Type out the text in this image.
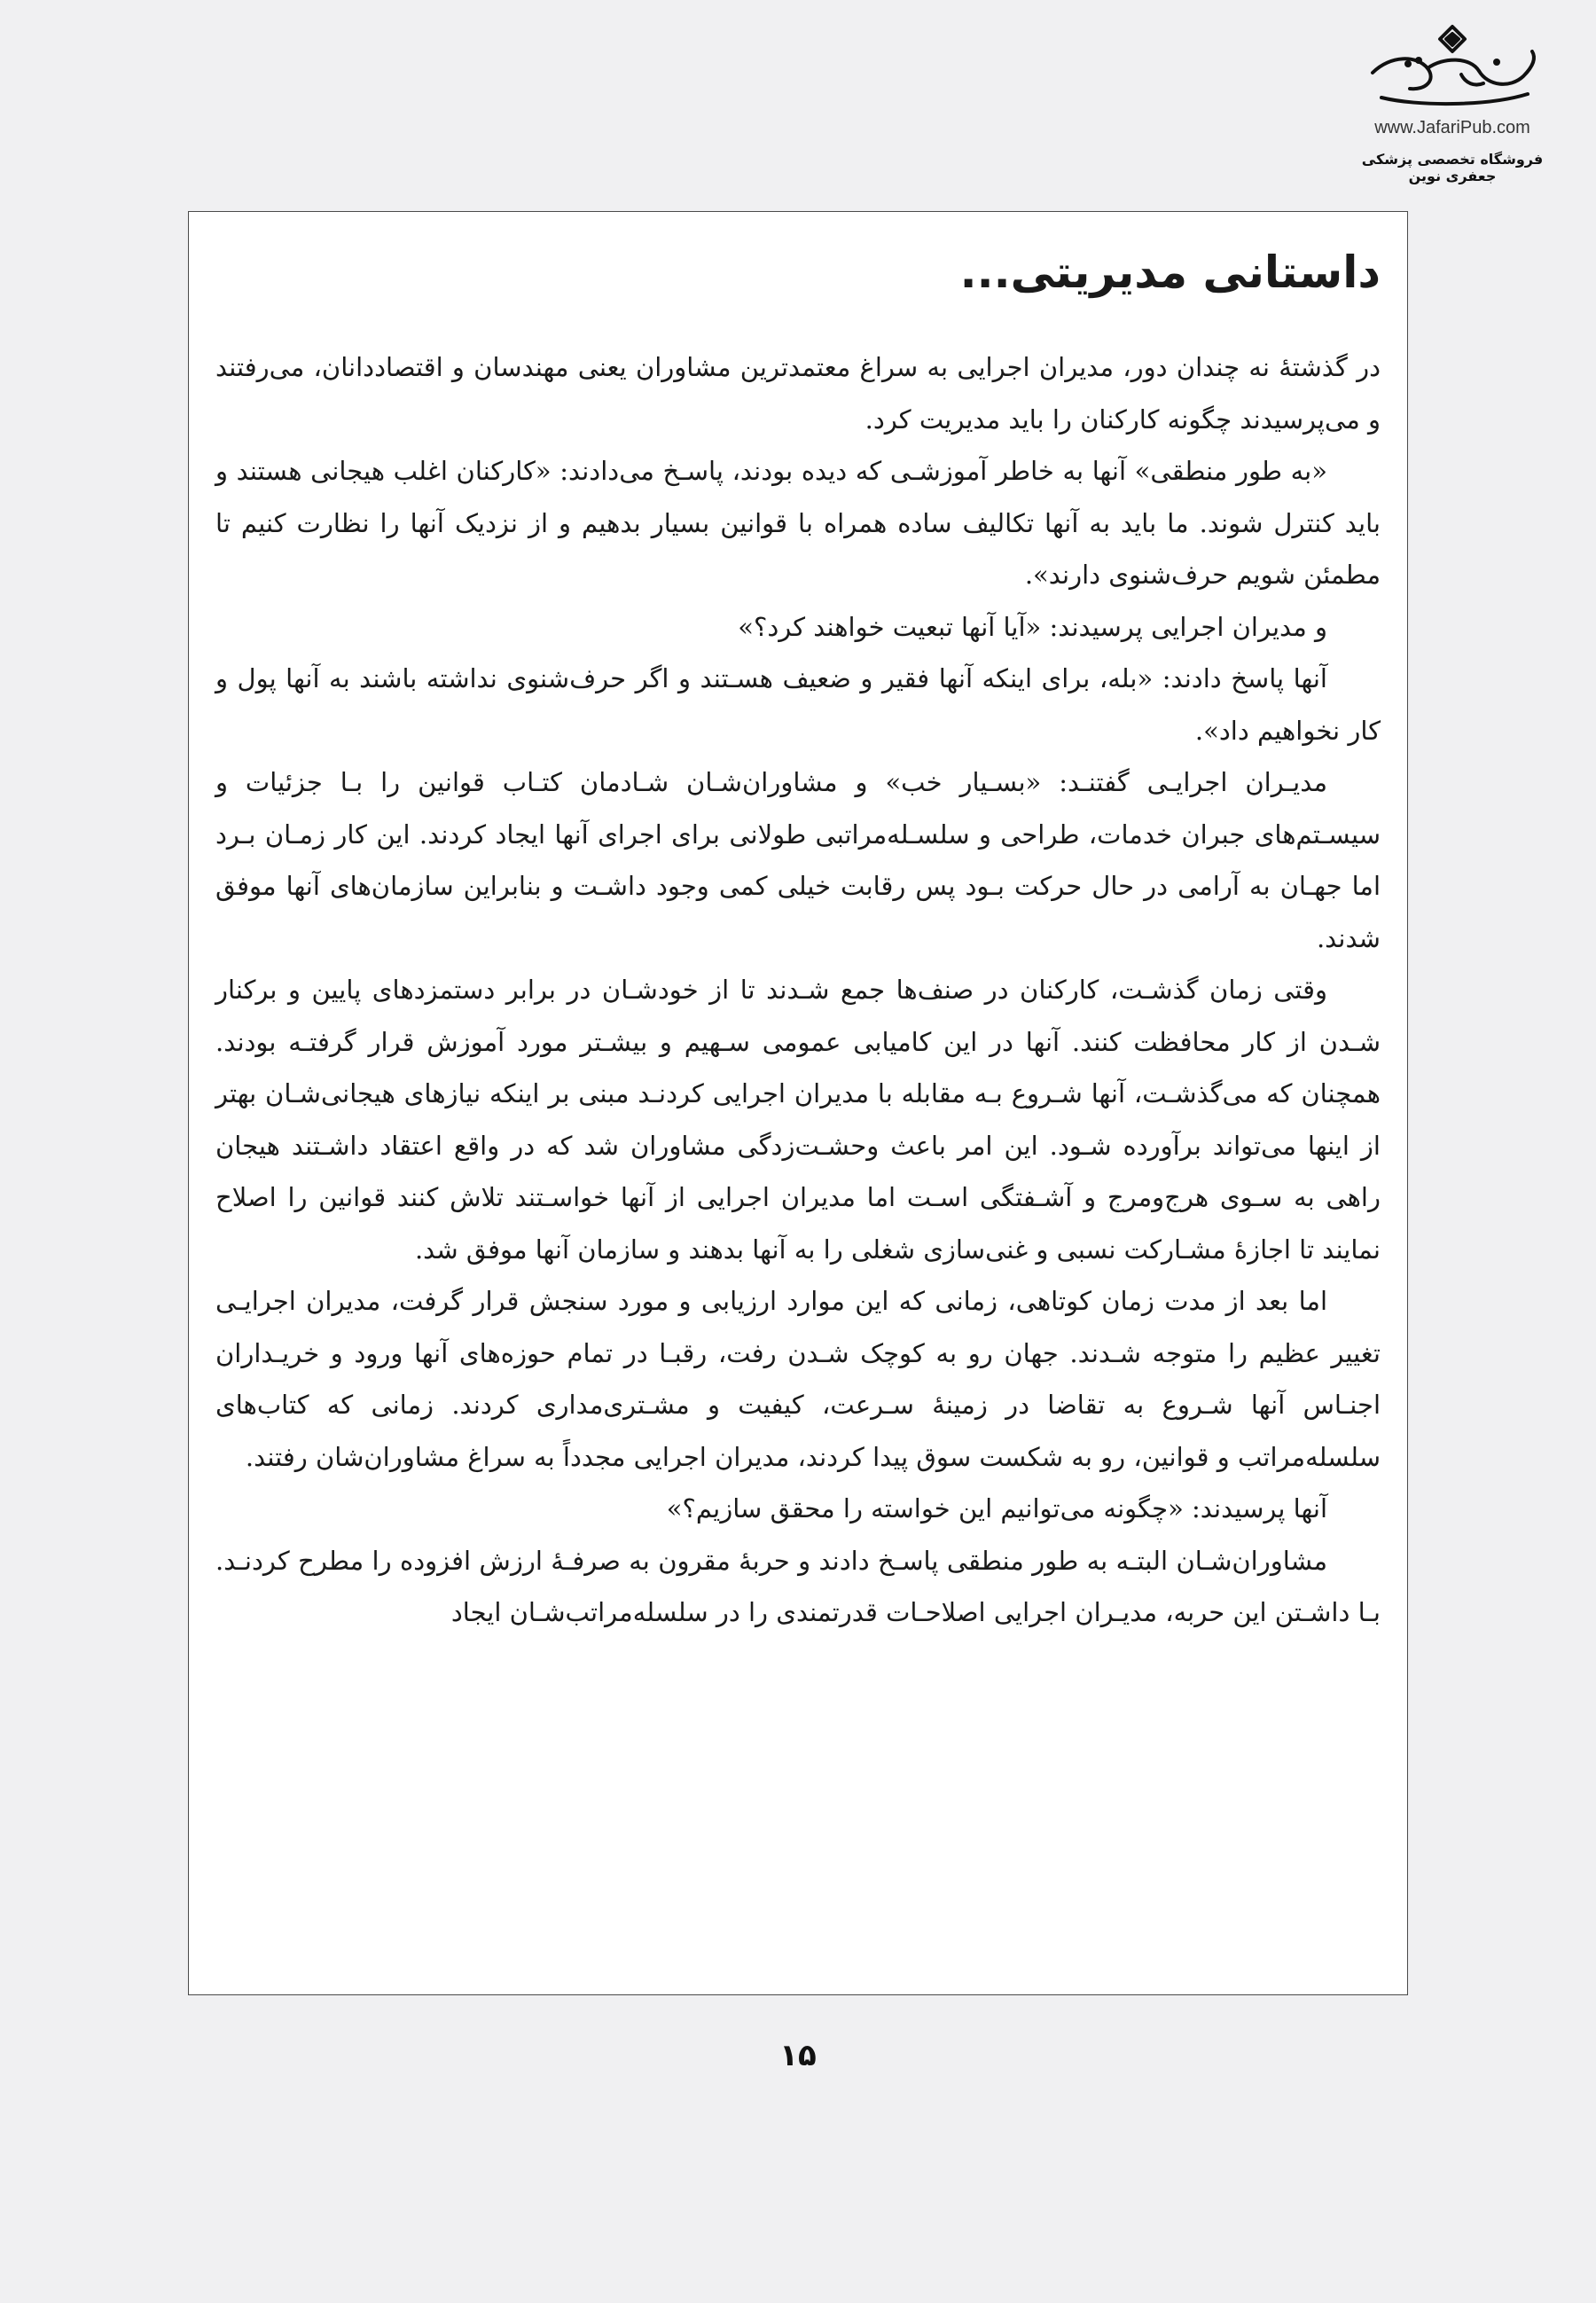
www.JafariPub.com
فروشگاه تخصصی پزشکی جعفری نوین
داستانی مدیریتی...

در گذشتۀ نه چندان دور، مدیران اجرایی به سراغ معتمدترین مشاوران یعنی مهندسان و اقتصاددانان، می‌رفتند و می‌پرسیدند چگونه کارکنان را باید مدیریت کرد.

«به طور منطقی» آنها به خاطر آموزشـی که دیده بودند، پاسـخ می‌دادند: «کارکنان اغلب هیجانی هستند و باید کنترل شوند. ما باید به آنها تکالیف ساده همراه با قوانین بسیار بدهیم و از نزدیک آنها را نظارت کنیم تا مطمئن شویم حرف‌شنوی دارند».

و مدیران اجرایی پرسیدند: «آیا آنها تبعیت خواهند کرد؟»

آنها پاسخ دادند: «بله، برای اینکه آنها فقیر و ضعیف هسـتند و اگر حرف‌شنوی نداشته باشند به آنها پول و کار نخواهیم داد».

مدیـران اجرایـی گفتنـد: «بسـیار خب» و مشاوران‌شـان شـادمان کتـاب قوانین را بـا جزئیات و سیسـتم‌های جبران خدمات، طراحی و سلسـله‌مراتبی طولانی برای اجرای آنها ایجاد کردند. این کار زمـان بـرد اما جهـان به آرامی در حال حرکت بـود پس رقابت خیلی کمی وجود داشـت و بنابراین سازمان‌های آنها موفق شدند.

وقتی زمان گذشـت، کارکنان در صنف‌ها جمع شـدند تا از خودشـان در برابر دستمزدهای پایین و برکنار شـدن از کار محافظت کنند. آنها در این کامیابی عمومی سـهیم و بیشـتر مورد آموزش قرار گرفتـه بودند. همچنان که می‌گذشـت، آنها شـروع بـه مقابله با مدیران اجرایی کردنـد مبنی بر اینکه نیازهای هیجانی‌شـان بهتر از اینها می‌تواند برآورده شـود. این امر باعث وحشـت‌زدگی مشاوران شد که در واقع اعتقاد داشـتند هیجان راهی به سـوی هرج‌ومرج و آشـفتگی اسـت اما مدیران اجرایی از آنها خواسـتند تلاش کنند قوانین را اصلاح نمایند تا اجازۀ مشـارکت نسبی و غنی‌سازی شغلی را به آنها بدهند و سازمان آنها موفق شد.

اما بعد از مدت زمان کوتاهی، زمانی که این موارد ارزیابی و مورد سنجش قرار گرفت، مدیران اجرایـی تغییر عظیم را متوجه شـدند. جهان رو به کوچک شـدن رفت، رقبـا در تمام حوزه‌های آنها ورود و خریـداران اجنـاس آنها شـروع به تقاضا در زمینۀ سـرعت، کیفیت و مشـتری‌مداری کردند. زمانی که کتاب‌های سلسله‌مراتب و قوانین، رو به شکست سوق پیدا کردند، مدیران اجرایی مجدداً به سراغ مشاوران‌شان رفتند.

آنها پرسیدند: «چگونه می‌توانیم این خواسته را محقق سازیم؟»

مشاوران‌شـان البتـه به طور منطقی پاسـخ دادند و حربۀ مقرون به صرفـۀ ارزش افزوده را مطرح کردنـد. بـا داشـتن این حربه، مدیـران اجرایی اصلاحـات قدرتمندی را در سلسله‌مراتب‌شـان ایجاد

۱۵
